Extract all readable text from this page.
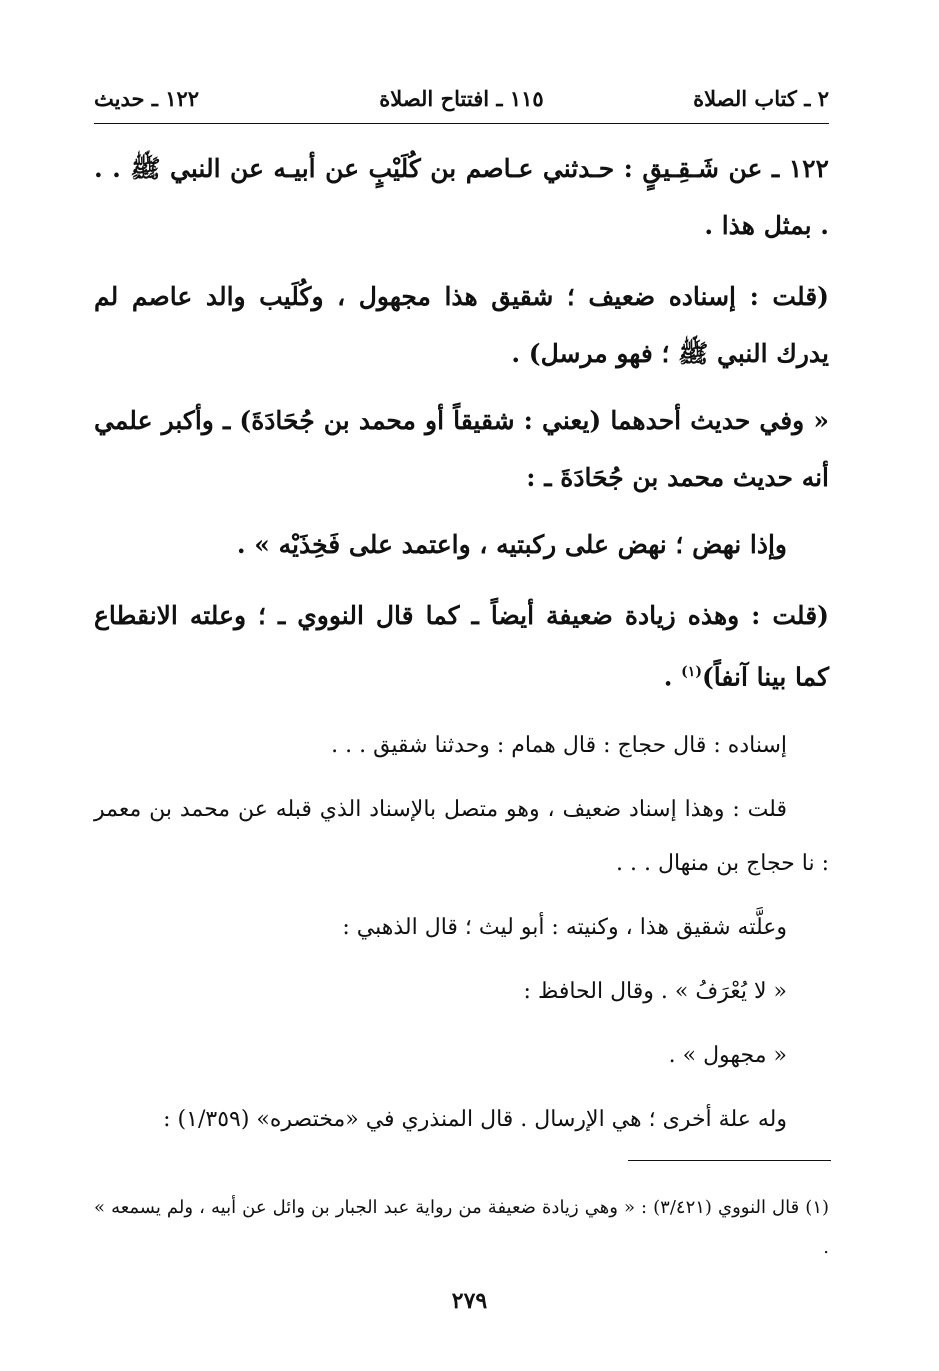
٢ ـ كتاب الصلاة
١١٥ ـ افتتاح الصلاة
١٢٢ ـ حديث

١٢٢ ـ عن شَـقِـيقٍ : حـدثني عـاصم بن كُلَيْبٍ عن أبيـه عن النبي ﷺ . . . بمثل هذا .

(قلت : إسناده ضعيف ؛ شقيق هذا مجهول ، وكُلَيب والد عاصم لم يدرك النبي ﷺ ؛ فهو مرسل) .

« وفي حديث أحدهما (يعني : شقيقاً أو محمد بن جُحَادَةَ) ـ وأكبر علمي أنه حديث محمد بن جُحَادَةَ ـ :

وإذا نهض ؛ نهض على ركبتيه ، واعتمد على فَخِذَيْه » .

(قلت : وهذه زيادة ضعيفة أيضاً ـ كما قال النووي ـ ؛ وعلته الانقطاع كما بينا آنفاً)$^{(١)}$ .

إسناده : قال حجاج : قال همام : وحدثنا شقيق . . .

قلت : وهذا إسناد ضعيف ، وهو متصل بالإسناد الذي قبله عن محمد بن معمر : نا حجاج بن منهال . . .

وعلَّته شقيق هذا ، وكنيته : أبو ليث ؛ قال الذهبي :

« لا يُعْرَفُ » . وقال الحافظ :

« مجهول » .

وله علة أخرى ؛ هي الإرسال . قال المنذري في «مختصره» (١/٣٥٩) :

(١) قال النووي (٣/٤٢١) : « وهي زيادة ضعيفة من رواية عبد الجبار بن وائل عن أبيه ، ولم يسمعه » .

٢٧٩
